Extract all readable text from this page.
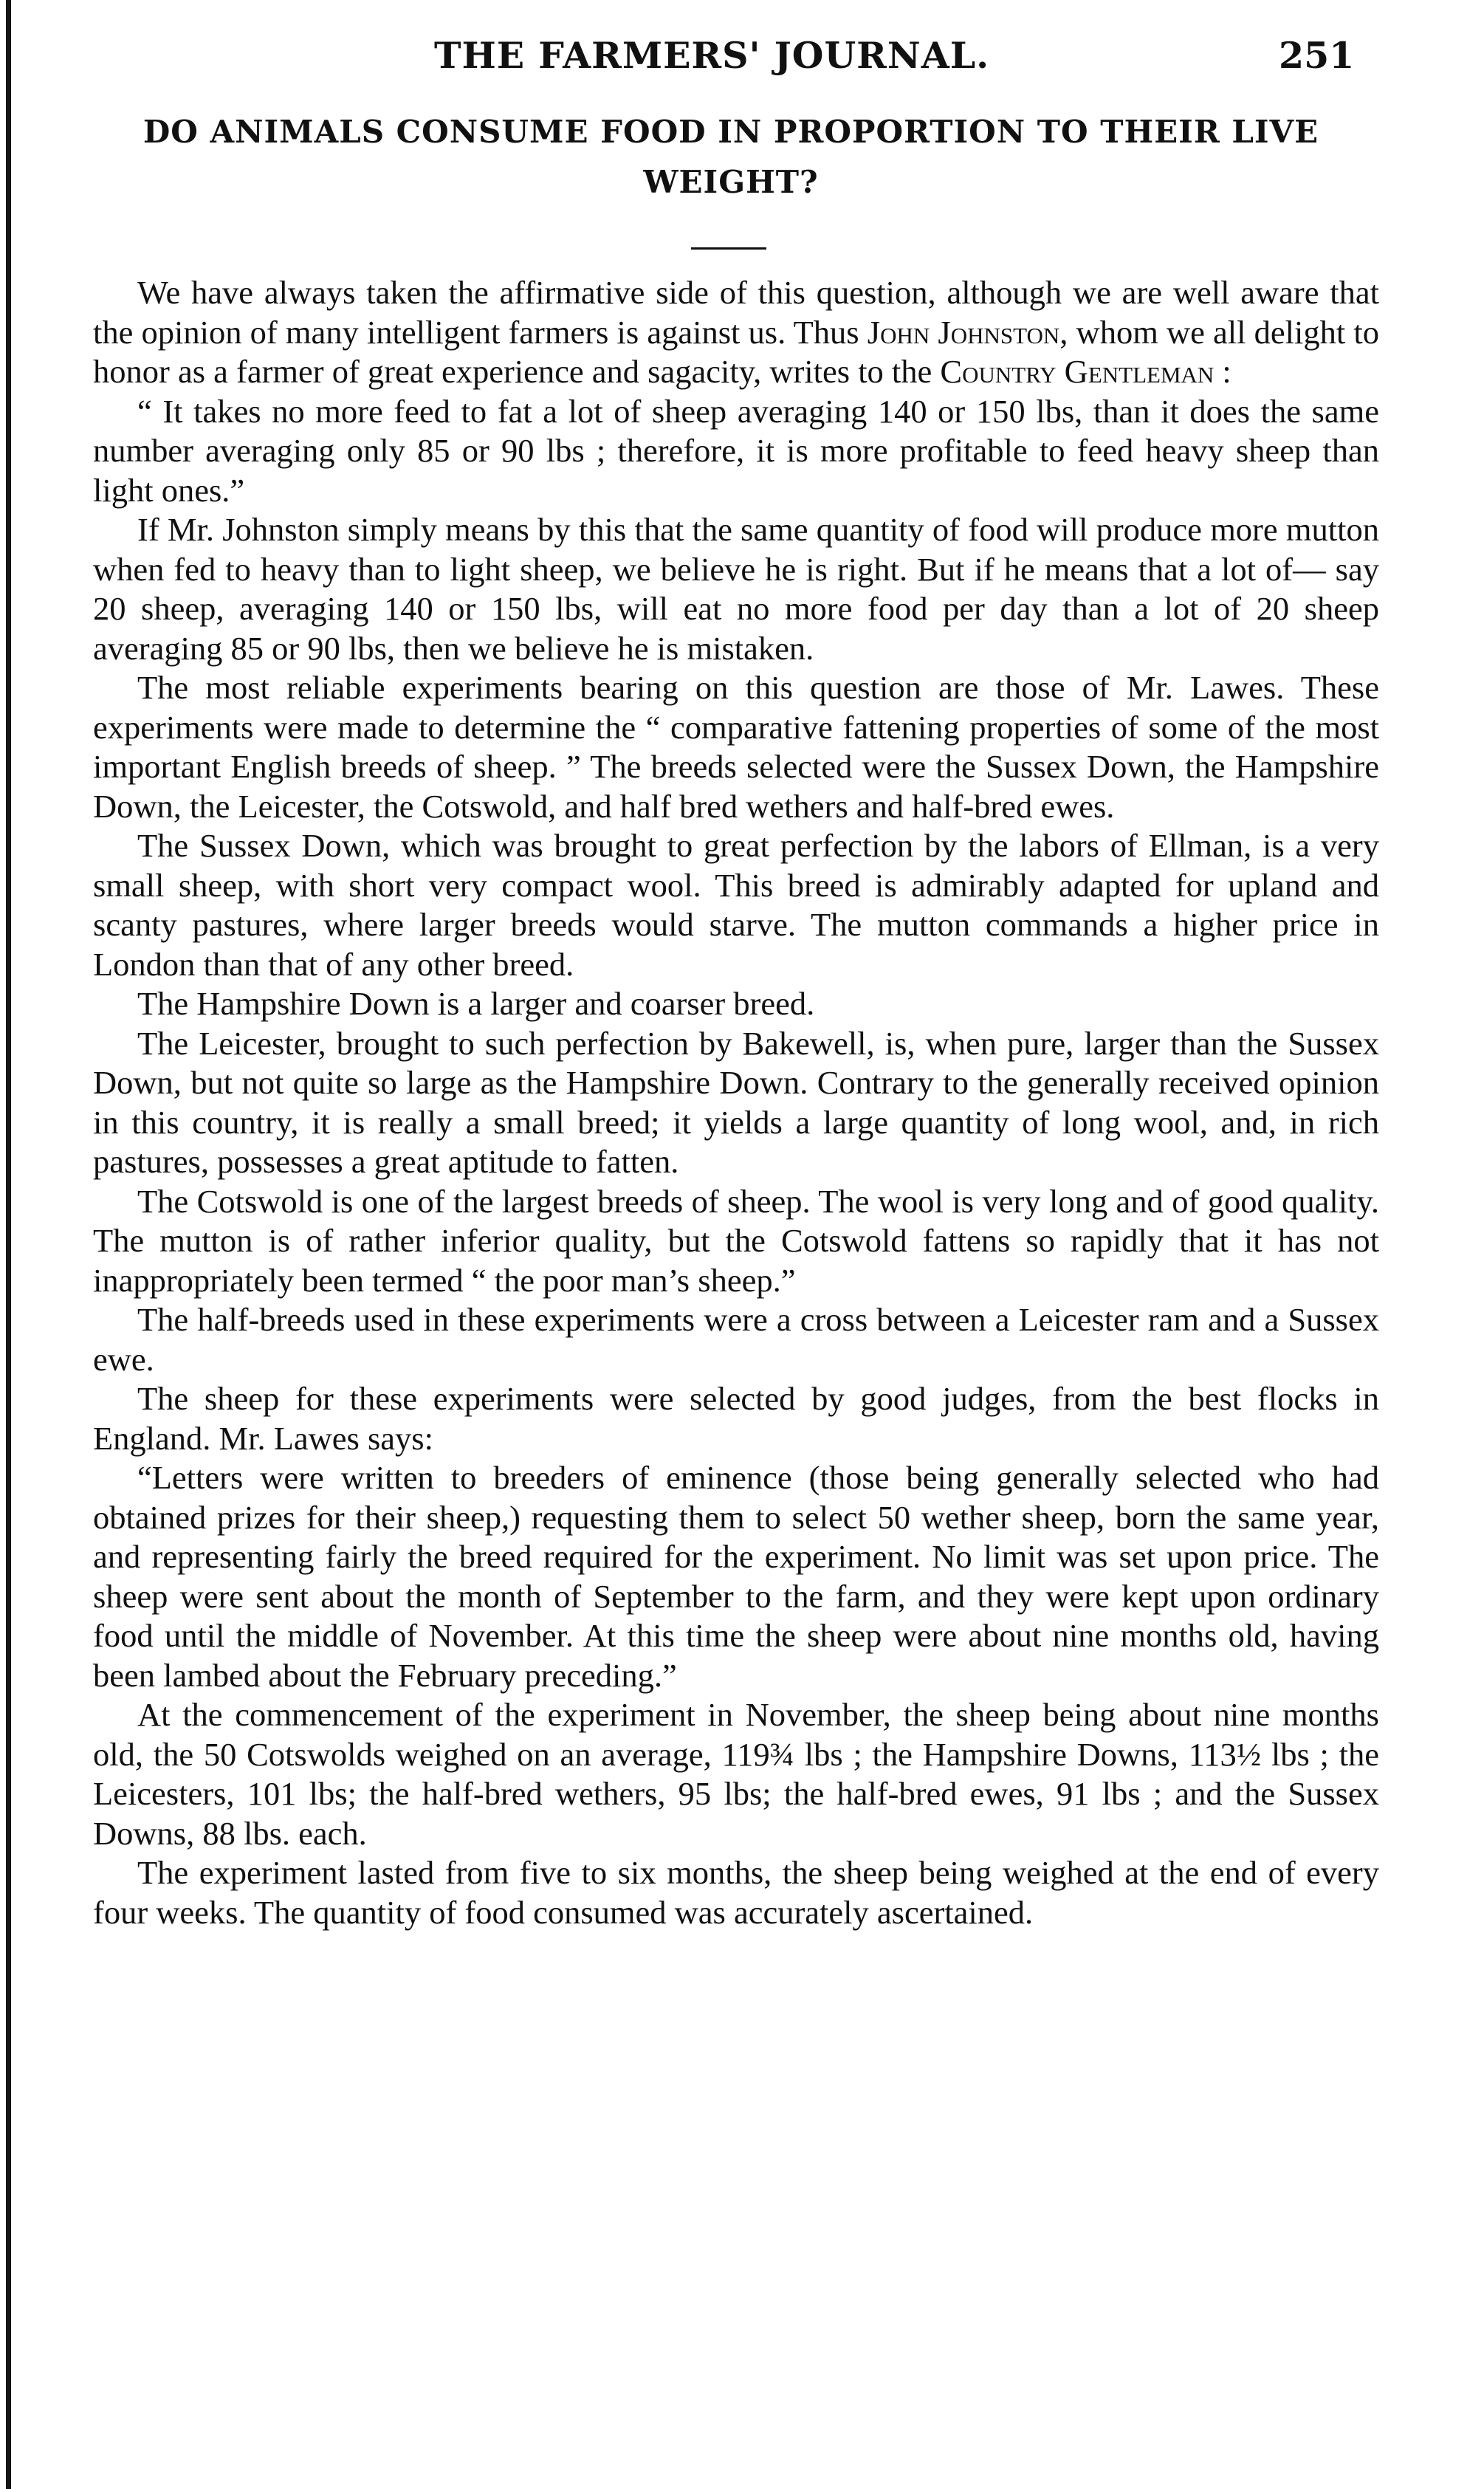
THE FARMERS' JOURNAL.	251
DO ANIMALS CONSUME FOOD IN PROPORTION TO THEIR LIVE WEIGHT?

We have always taken the affirmative side of this question, although we are well aware that the opinion of many intelligent farmers is against us. Thus John Johnston, whom we all delight to honor as a farmer of great experience and sagacity, writes to the Country Gentleman :

“ It takes no more feed to fat a lot of sheep averaging 140 or 150 lbs, than it does the same number averaging only 85 or 90 lbs ; therefore, it is more profitable to feed heavy sheep than light ones.”

If Mr. Johnston simply means by this that the same quantity of food will produce more mutton when fed to heavy than to light sheep, we believe he is right. But if he means that a lot of— say 20 sheep, averaging 140 or 150 lbs, will eat no more food per day than a lot of 20 sheep averaging 85 or 90 lbs, then we believe he is mistaken.

The most reliable experiments bearing on this question are those of Mr. Lawes. These experiments were made to determine the “ comparative fattening properties of some of the most important English breeds of sheep. ” The breeds selected were the Sussex Down, the Hampshire Down, the Leicester, the Cotswold, and half bred wethers and half-bred ewes.

The Sussex Down, which was brought to great perfection by the labors of Ellman, is a very small sheep, with short very compact wool. This breed is admirably adapted for upland and scanty pastures, where larger breeds would starve. The mutton commands a higher price in London than that of any other breed.

The Hampshire Down is a larger and coarser breed.

The Leicester, brought to such perfection by Bakewell, is, when pure, larger than the Sussex Down, but not quite so large as the Hampshire Down. Contrary to the generally received opinion in this country, it is really a small breed; it yields a large quantity of long wool, and, in rich pastures, possesses a great aptitude to fatten.

The Cotswold is one of the largest breeds of sheep. The wool is very long and of good quality. The mutton is of rather inferior quality, but the Cotswold fattens so rapidly that it has not inappropriately been termed “ the poor man’s sheep.”

The half-breeds used in these experiments were a cross between a Leicester ram and a Sussex ewe.

The sheep for these experiments were selected by good judges, from the best flocks in England. Mr. Lawes says:

“Letters were written to breeders of eminence (those being generally selected who had obtained prizes for their sheep,) requesting them to select 50 wether sheep, born the same year, and representing fairly the breed required for the experiment. No limit was set upon price. The sheep were sent about the month of September to the farm, and they were kept upon ordinary food until the middle of November. At this time the sheep were about nine months old, having been lambed about the February preceding.”

At the commencement of the experiment in November, the sheep being about nine months old, the 50 Cotswolds weighed on an average, 119¾ lbs ; the Hampshire Downs, 113½ lbs ; the Leicesters, 101 lbs; the half-bred wethers, 95 lbs; the half-bred ewes, 91 lbs ; and the Sussex Downs, 88 lbs. each.

The experiment lasted from five to six months, the sheep being weighed at the end of every four weeks. The quantity of food consumed was accurately ascertained.
